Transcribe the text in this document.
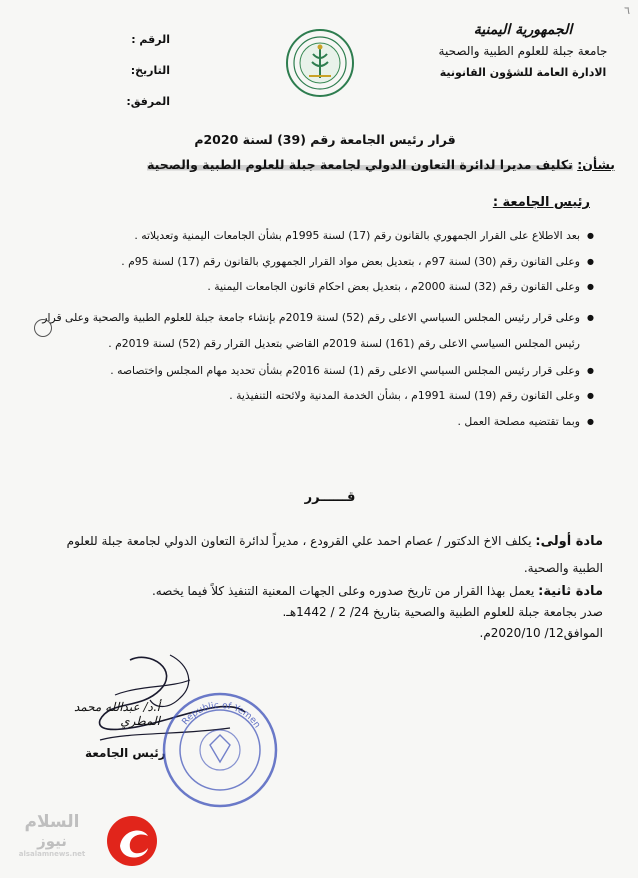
٦
الجمهورية اليمنية
جامعة جبلة للعلوم الطبية والصحية
الادارة العامة للشؤون القانونية
الرقم :
التاريخ:
المرفق:
قرار رئيس الجامعة رقم (39) لسنة 2020م
بشأن: تكليف مديرا لدائرة التعاون الدولي لجامعة جبلة للعلوم الطبية والصحية
رئيس الجامعة :
● بعد الاطلاع على القرار الجمهوري بالقانون رقم (17) لسنة 1995م بشأن الجامعات اليمنية وتعديلاته .
● وعلى القانون رقم (30) لسنة 97م ، بتعديل بعض مواد القرار الجمهوري بالقانون رقم (17) لسنة 95م .
● وعلى القانون رقم (32) لسنة 2000م ، بتعديل بعض احكام قانون الجامعات اليمنية .
● وعلى قرار رئيس المجلس السياسي الاعلى رقم (52) لسنة 2019م بإنشاء جامعة جبلة للعلوم الطبية والصحية وعلى قرار رئيس المجلس السياسي الاعلى رقم (161) لسنة 2019م القاضي بتعديل القرار رقم (52) لسنة 2019م .
● وعلى قرار رئيس المجلس السياسي الاعلى رقم (1) لسنة 2016م بشأن تحديد مهام المجلس واختصاصه .
● وعلى القانون رقم (19) لسنة 1991م ، بشأن الخدمة المدنية ولائحته التنفيذية .
● وبما تقتضيه مصلحة العمل .
قــــــرر
مادة أولى: يكلف الاخ الدكتور / عصام احمد علي القرودع ، مديراً لدائرة التعاون الدولي لجامعة جبلة للعلوم الطبية والصحية.
مادة ثانية: يعمل بهذا القرار من تاريخ صدوره وعلى الجهات المعنية التنفيذ كلاً فيما يخصه.
صدر بجامعة جبلة للعلوم الطبية والصحية بتاريخ 24/ 2 / 1442هـ.
الموافق12/ 2020/10م.
أ.د/ عبدالله محمد المطري
رئيس الجامعة
Republic of Yemen
السلام
نيوز
alsalamnews.net
